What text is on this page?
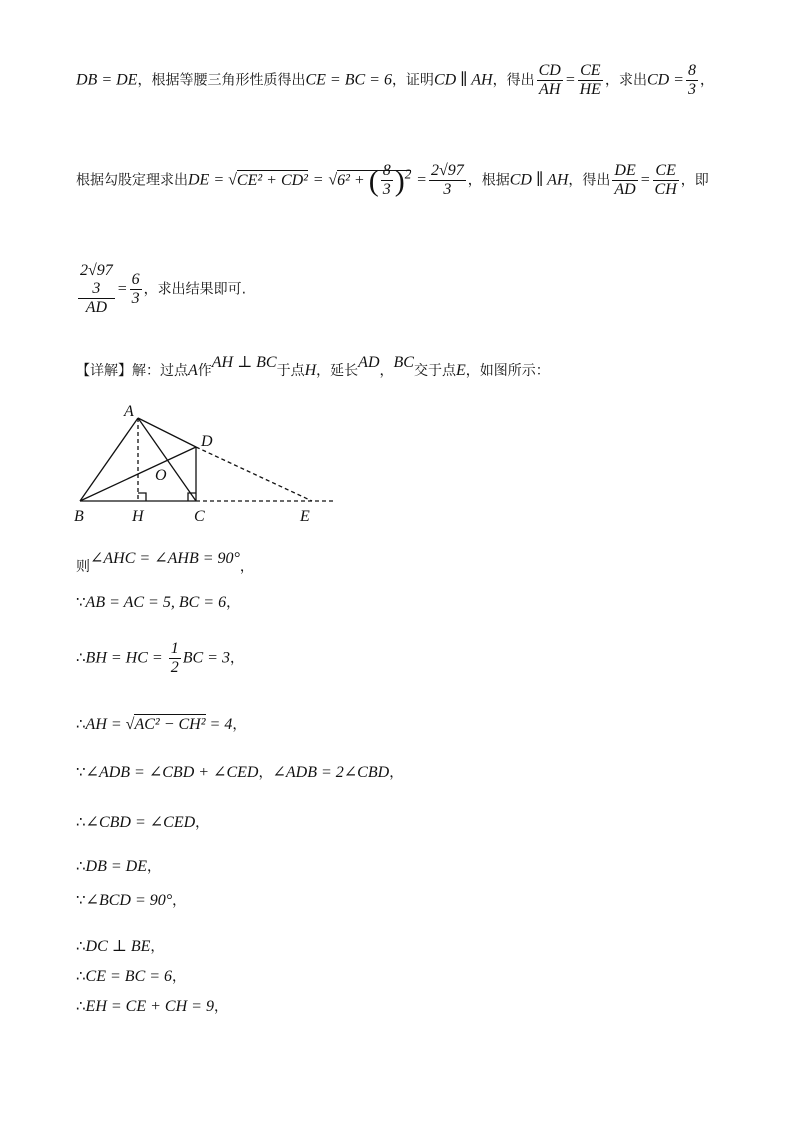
DB = DE，根据等腰三角形性质得出CE = BC = 6，证明CD ∥ AH，得出 $\frac{CD}{AH} = \frac{CE}{HE}$ ，求出CD = $\frac{8}{3}$ ，
根据勾股定理求出DE = √CE² + CD² = √6² + ( $\frac{8}{3} )^2 = \frac{2√97}{3}$ ，根据CD ∥ AH，得出 $\frac{DE}{AD} = \frac{CE}{CH}$ ，即
2√97
3
AD
= $\frac{6}{3}$ ，求出结果即可.
【详解】解：过点A作AH ⊥ BC于点H，延长AD，BC交于点E，如图所示：
A
D
O
B	H	C	E
则∠AHC = ∠AHB = 90°，
∵AB = AC = 5, BC = 6，
∴BH = HC = $\frac{1}{2}$ BC = 3，
∴AH = √AC² − CH² = 4，
∵∠ADB = ∠CBD + ∠CED，∠ADB = 2∠CBD，
∴∠CBD = ∠CED，
∴DB = DE，
∵∠BCD = 90°，
∴DC ⊥ BE，
∴CE = BC = 6，
∴EH = CE + CH = 9，
